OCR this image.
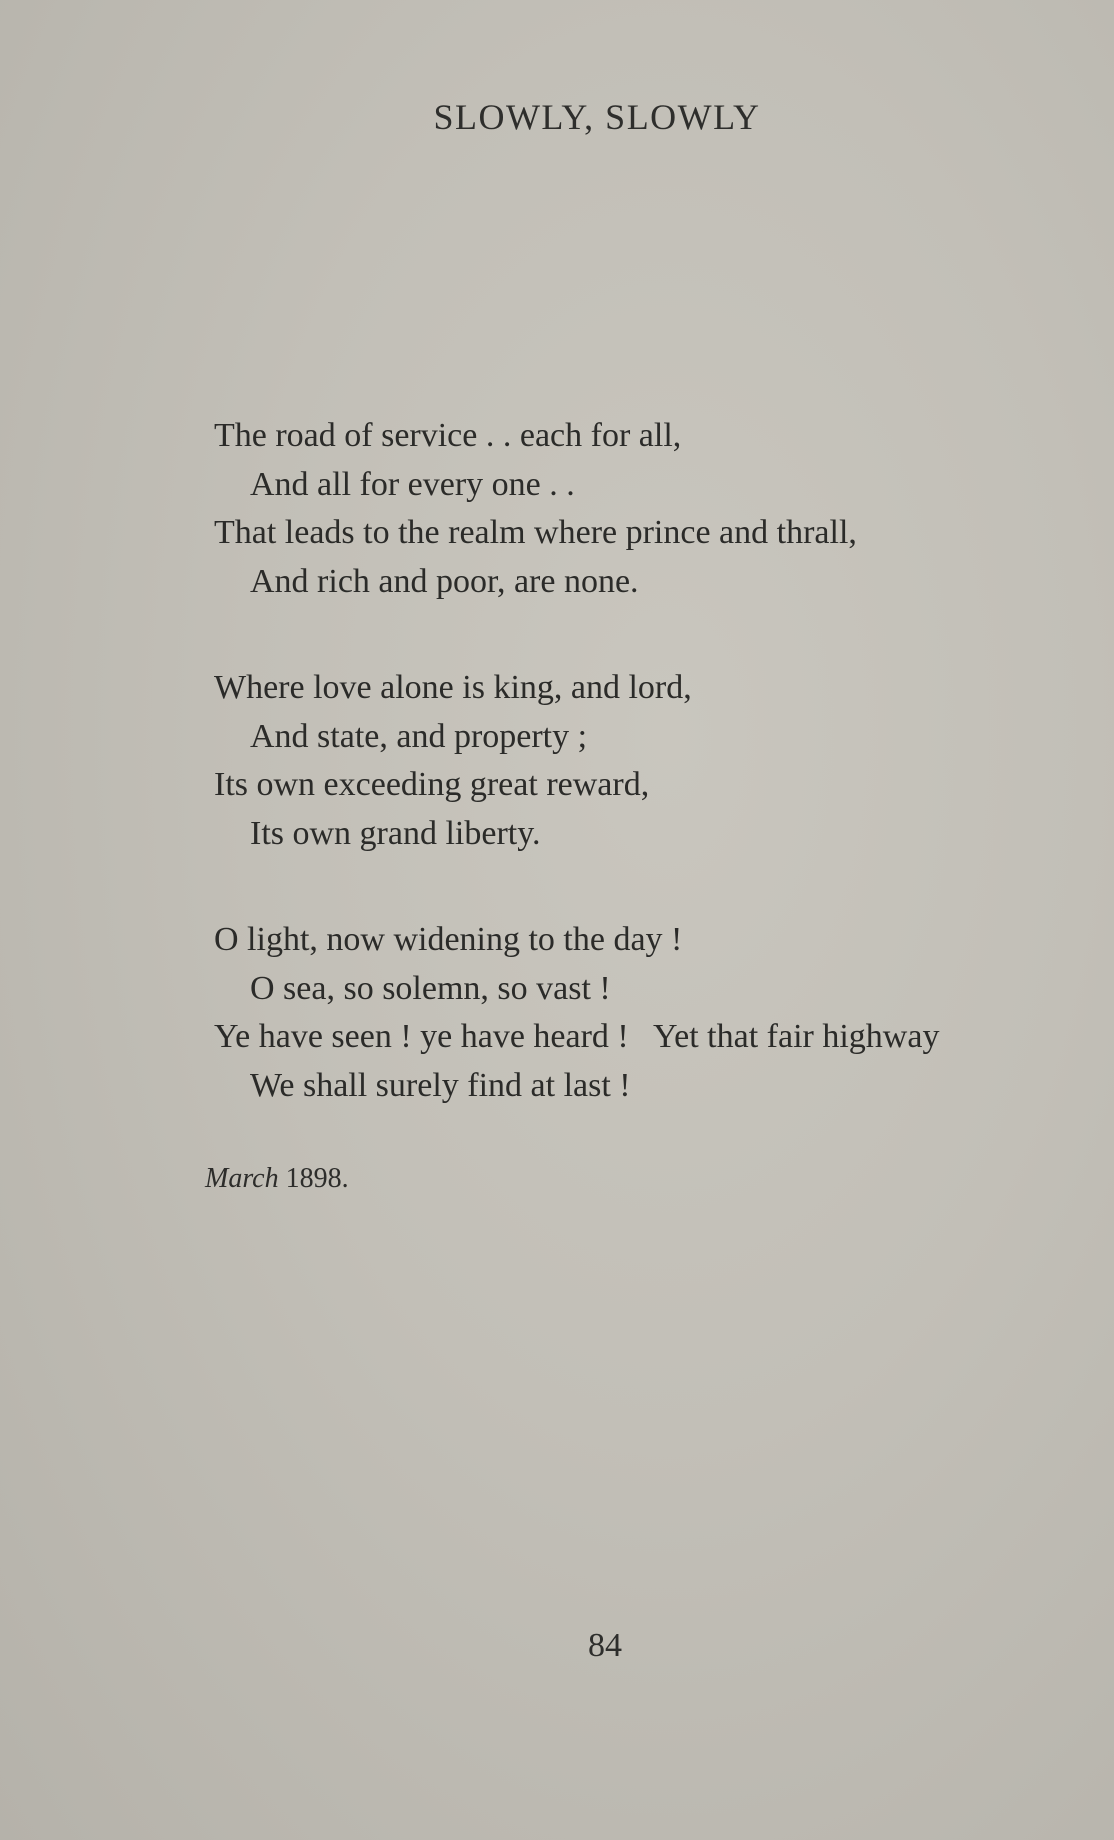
SLOWLY, SLOWLY
The road of service . . each for all,
And all for every one . .
That leads to the realm where prince and thrall,
And rich and poor, are none.
Where love alone is king, and lord,
And state, and property ;
Its own exceeding great reward,
Its own grand liberty.
O light, now widening to the day !
O sea, so solemn, so vast !
Ye have seen ! ye have heard !   Yet that fair highway
We shall surely find at last !
March 1898.
84
